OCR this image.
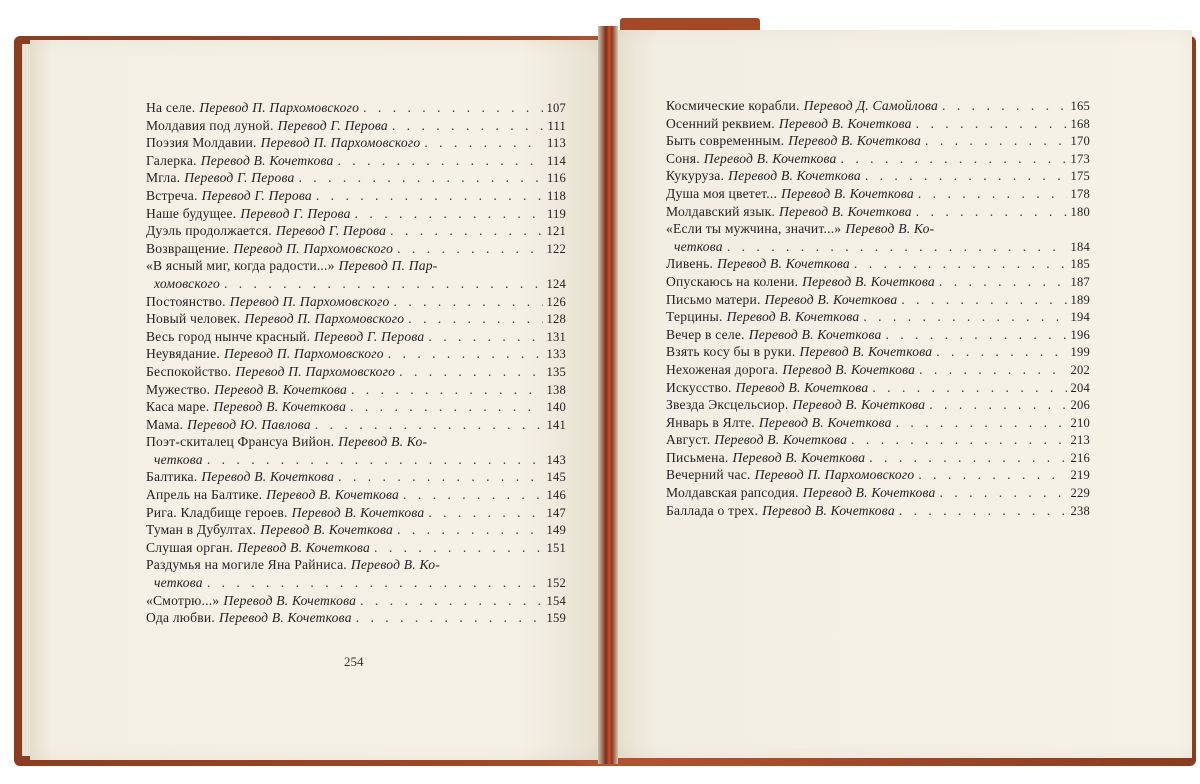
На селе. Перевод П. Пархомовского . . .	107
Молдавия под луной. Перевод Г. Перова . . .	111
Поэзия Молдавии. Перевод П. Пархомовского . . .	113
Галерка. Перевод В. Кочеткова . . .	114
Мгла. Перевод Г. Перова . . .	116
Встреча. Перевод Г. Перова . . .	118
Наше будущее. Перевод Г. Перова . . .	119
Дуэль продолжается. Перевод Г. Перова . . .	121
Возвращение. Перевод П. Пархомовского . . .	122
«В ясный миг, когда радости...» Перевод П. Пар-
хомовского . . .	124
Постоянство. Перевод П. Пархомовского . . .	126
Новый человек. Перевод П. Пархомовского . . .	128
Весь город нынче красный. Перевод Г. Перова . . .	131
Неувядание. Перевод П. Пархомовского . . .	133
Беспокойство. Перевод П. Пархомовского . . .	135
Мужество. Перевод В. Кочеткова . . .	138
Каса маре. Перевод В. Кочеткова . . .	140
Мама. Перевод Ю. Павлова . . .	141
Поэт-скиталец Франсуа Вийон. Перевод В. Ко-
четкова . . .	143
Балтика. Перевод В. Кочеткова . . .	145
Апрель на Балтике. Перевод В. Кочеткова . . .	146
Рига. Кладбище героев. Перевод В. Кочеткова . . .	147
Туман в Дубултах. Перевод В. Кочеткова . . .	149
Слушая орган. Перевод В. Кочеткова . . .	151
Раздумья на могиле Яна Райниса. Перевод В. Ко-
четкова . . .	152
«Смотрю...» Перевод В. Кочеткова . . .	154
Ода любви. Перевод В. Кочеткова . . .	159
Космические корабли. Перевод Д. Самойлова . . .	165
Осенний реквием. Перевод В. Кочеткова . . .	168
Быть современным. Перевод В. Кочеткова . . .	170
Соня. Перевод В. Кочеткова . . .	173
Кукуруза. Перевод В. Кочеткова . . .	175
Душа моя цветет... Перевод В. Кочеткова . . .	178
Молдавский язык. Перевод В. Кочеткова . . .	180
«Если ты мужчина, значит...» Перевод В. Ко-
четкова . . .	184
Ливень. Перевод В. Кочеткова . . .	185
Опускаюсь на колени. Перевод В. Кочеткова . . .	187
Письмо матери. Перевод В. Кочеткова . . .	189
Терцины. Перевод В. Кочеткова . . .	194
Вечер в селе. Перевод В. Кочеткова . . .	196
Взять косу бы в руки. Перевод В. Кочеткова . . .	199
Нехоженая дорога. Перевод В. Кочеткова . . .	202
Искусство. Перевод В. Кочеткова . . .	204
Звезда Эксцельсиор. Перевод В. Кочеткова . . .	206
Январь в Ялте. Перевод В. Кочеткова . . .	210
Август. Перевод В. Кочеткова . . .	213
Письмена. Перевод В. Кочеткова . . .	216
Вечерний час. Перевод П. Пархомовского . . .	219
Молдавская рапсодия. Перевод В. Кочеткова . . .	229
Баллада о трех. Перевод В. Кочеткова . . .	238
254
